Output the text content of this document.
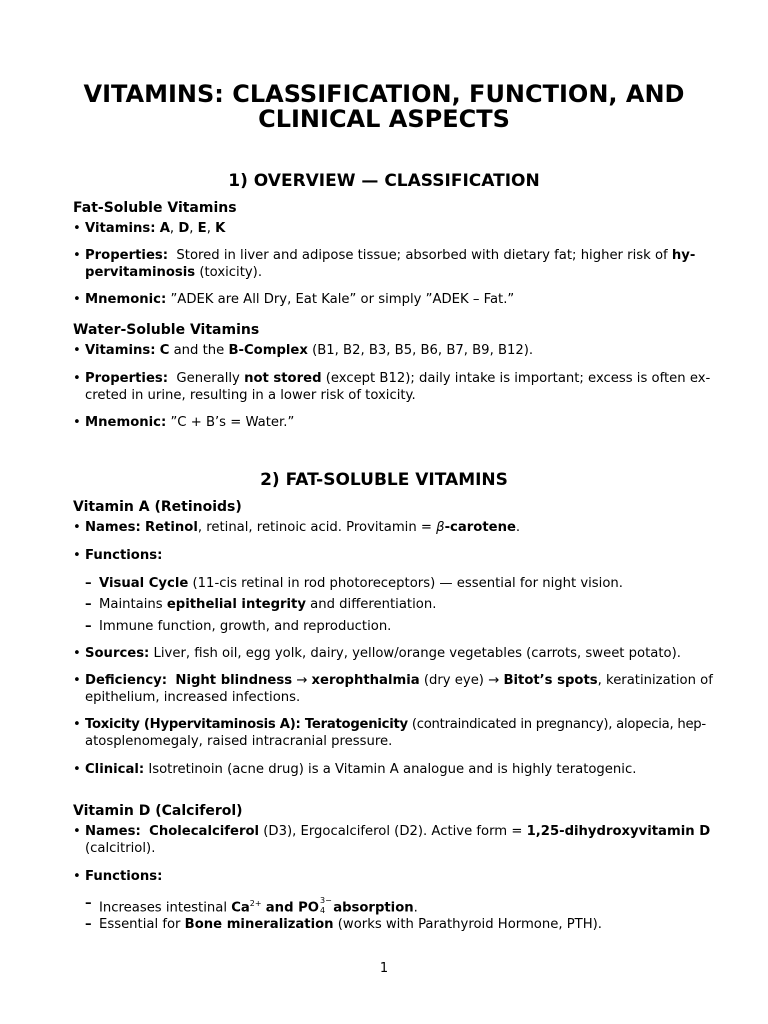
VITAMINS: CLASSIFICATION, FUNCTION, AND
CLINICAL ASPECTS
1) OVERVIEW — CLASSIFICATION
Fat-Soluble Vitamins
• Vitamins: A, D, E, K
• Properties: Stored in liver and adipose tissue; absorbed with dietary fat; higher risk of hy-
pervitaminosis (toxicity).
• Mnemonic: ”ADEK are All Dry, Eat Kale” or simply ”ADEK – Fat.”
Water-Soluble Vitamins
• Vitamins: C and the B-Complex (B1, B2, B3, B5, B6, B7, B9, B12).
• Properties: Generally not stored (except B12); daily intake is important; excess is often ex-
creted in urine, resulting in a lower risk of toxicity.
• Mnemonic: ”C + B’s = Water.”
2) FAT-SOLUBLE VITAMINS
Vitamin A (Retinoids)
• Names: Retinol, retinal, retinoic acid. Provitamin = β-carotene.
• Functions:
– Visual Cycle (11-cis retinal in rod photoreceptors) — essential for night vision.
– Maintains epithelial integrity and differentiation.
– Immune function, growth, and reproduction.
• Sources: Liver, fish oil, egg yolk, dairy, yellow/orange vegetables (carrots, sweet potato).
• Deficiency: Night blindness → xerophthalmia (dry eye) → Bitot’s spots, keratinization of
epithelium, increased infections.
• Toxicity (Hypervitaminosis A): Teratogenicity (contraindicated in pregnancy), alopecia, hep-
atosplenomegaly, raised intracranial pressure.
• Clinical: Isotretinoin (acne drug) is a Vitamin A analogue and is highly teratogenic.
Vitamin D (Calciferol)
• Names: Cholecalciferol (D3), Ergocalciferol (D2). Active form = 1,25-dihydroxyvitamin D
(calcitriol).
• Functions:
– Increases intestinal $Ca^{2+}$ and PO 3−
4 absorption.
– Essential for Bone mineralization (works with Parathyroid Hormone, PTH).
1
